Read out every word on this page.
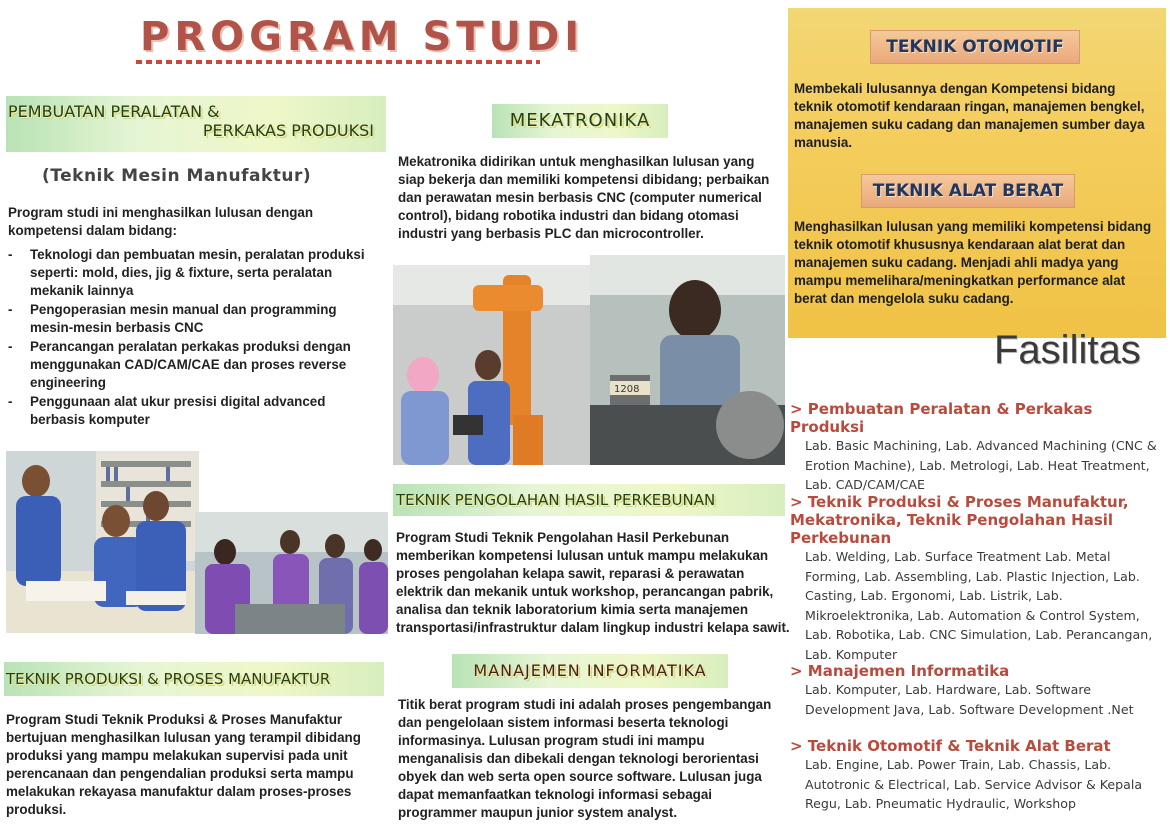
PROGRAM STUDI
PEMBUATAN PERALATAN &
PERKAKAS PRODUKSI
(Teknik Mesin Manufaktur)

Program studi ini menghasilkan lulusan dengan kompetensi dalam bidang:

- Teknologi dan pembuatan mesin, peralatan produksi seperti: mold, dies, jig & fixture, serta peralatan mekanik lainnya
- Pengoperasian mesin manual dan programming mesin-mesin berbasis CNC
- Perancangan peralatan perkakas produksi dengan menggunakan CAD/CAM/CAE dan proses reverse engineering
- Penggunaan alat ukur presisi digital advanced berbasis komputer
TEKNIK PRODUKSI & PROSES MANUFAKTUR

Program Studi Teknik Produksi & Proses Manufaktur bertujuan menghasilkan lulusan yang terampil dibidang produksi yang mampu melakukan supervisi pada unit perencanaan dan pengendalian produksi serta mampu melakukan rekayasa manufaktur dalam proses-proses produksi.

MEKATRONIKA

Mekatronika didirikan untuk menghasilkan lulusan yang siap bekerja dan memiliki kompetensi dibidang; perbaikan dan perawatan mesin berbasis CNC (computer numerical control), bidang robotika industri dan bidang otomasi industri yang berbasis PLC dan microcontroller.

1208
TEKNIK PENGOLAHAN HASIL PERKEBUNAN

Program Studi Teknik Pengolahan Hasil Perkebunan memberikan kompetensi lulusan untuk mampu melakukan proses pengolahan kelapa sawit, reparasi & perawatan elektrik dan mekanik untuk workshop, perancangan pabrik, analisa dan teknik laboratorium kimia serta manajemen transportasi/infrastruktur dalam lingkup industri kelapa sawit.

MANAJEMEN INFORMATIKA

Titik berat program studi ini adalah proses pengembangan dan pengelolaan sistem informasi beserta teknologi informasinya. Lulusan program studi ini mampu menganalisis dan dibekali dengan teknologi berorientasi obyek dan web serta open source software. Lulusan juga dapat memanfaatkan teknologi informasi sebagai programmer maupun junior system analyst.

TEKNIK OTOMOTIF

Membekali lulusannya dengan Kompetensi bidang teknik otomotif kendaraan ringan, manajemen bengkel, manajemen suku cadang dan manajemen sumber daya manusia.

TEKNIK ALAT BERAT

Menghasilkan lulusan yang memiliki kompetensi bidang teknik otomotif khususnya kendaraan alat berat dan manajemen suku cadang. Menjadi ahli madya yang mampu memelihara/meningkatkan performance alat berat dan mengelola suku cadang.

Fasilitas
> Pembuatan Peralatan & Perkakas Produksi
Lab. Basic Machining, Lab. Advanced Machining (CNC & Erotion Machine), Lab. Metrologi, Lab. Heat Treatment, Lab. CAD/CAM/CAE
> Teknik Produksi & Proses Manufaktur, Mekatronika, Teknik Pengolahan Hasil Perkebunan
Lab. Welding, Lab. Surface Treatment Lab. Metal Forming, Lab. Assembling, Lab. Plastic Injection, Lab. Casting, Lab. Ergonomi, Lab. Listrik, Lab. Mikroelektronika, Lab. Automation & Control System, Lab. Robotika, Lab. CNC Simulation, Lab. Perancangan, Lab. Komputer
> Manajemen Informatika
Lab. Komputer, Lab. Hardware, Lab. Software Development Java, Lab. Software Development .Net
> Teknik Otomotif & Teknik Alat Berat
Lab. Engine, Lab. Power Train, Lab. Chassis, Lab. Autotronic & Electrical, Lab. Service Advisor & Kepala Regu, Lab. Pneumatic Hydraulic, Workshop
